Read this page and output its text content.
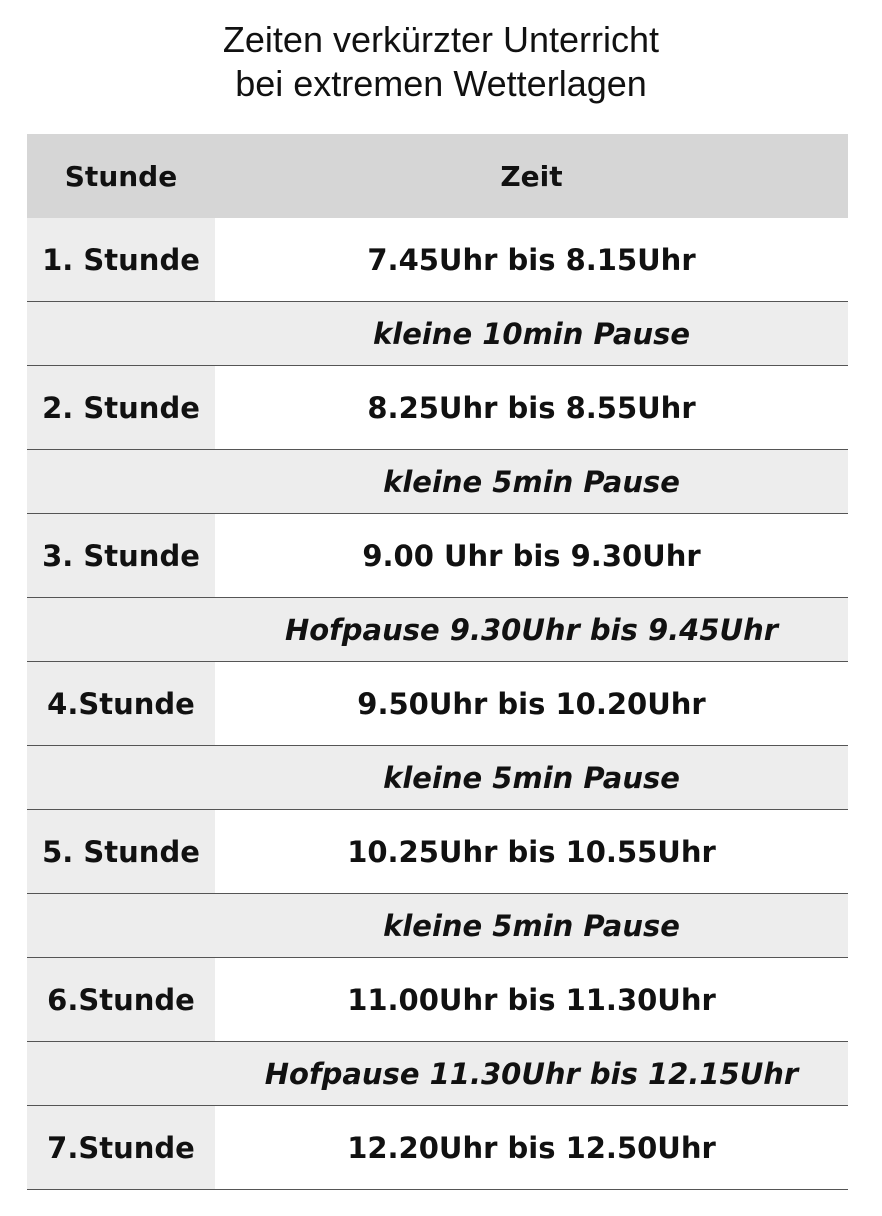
Zeiten verkürzter Unterricht
bei extremen Wetterlagen
Stunde	Zeit
1. Stunde	7.45Uhr bis 8.15Uhr
kleine 10min Pause
2. Stunde	8.25Uhr bis 8.55Uhr
kleine 5min Pause
3. Stunde	9.00 Uhr bis 9.30Uhr
Hofpause 9.30Uhr bis 9.45Uhr
4.Stunde	9.50Uhr bis 10.20Uhr
kleine 5min Pause
5. Stunde	10.25Uhr bis 10.55Uhr
kleine 5min Pause
6.Stunde	11.00Uhr bis 11.30Uhr
Hofpause 11.30Uhr bis 12.15Uhr
7.Stunde	12.20Uhr bis 12.50Uhr
